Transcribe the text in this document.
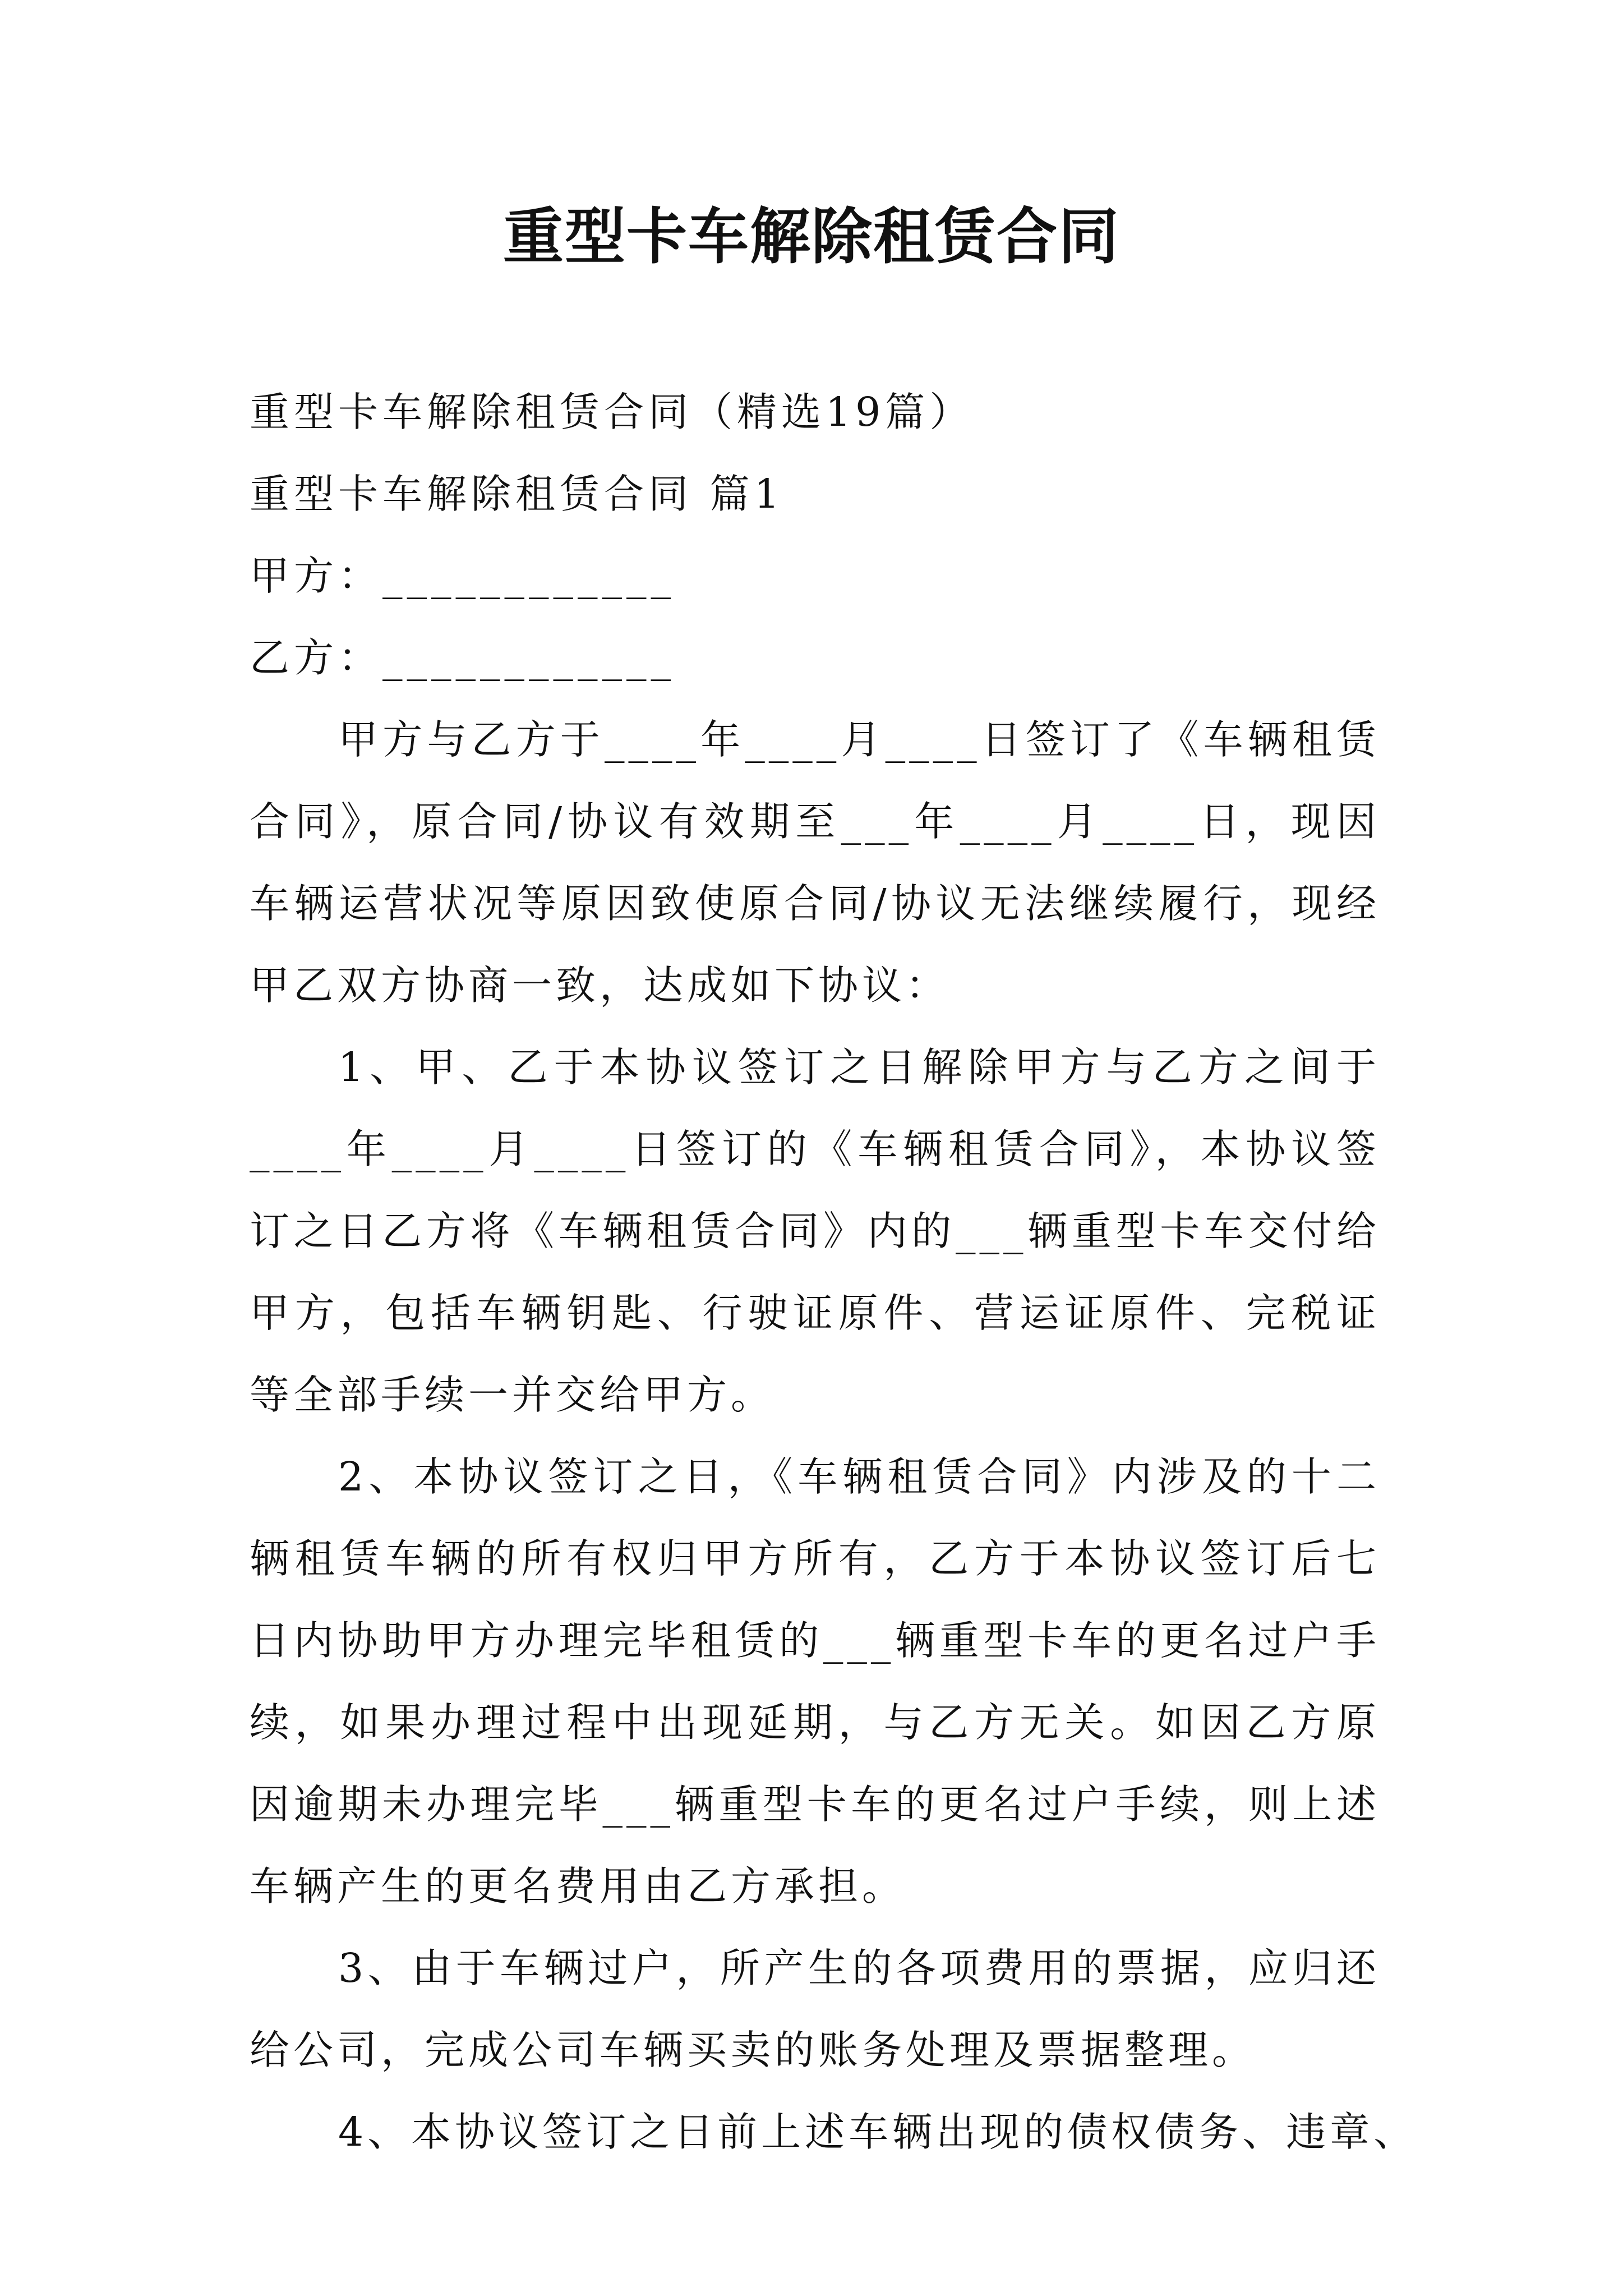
重型卡车解除租赁合同

重型卡车解除租赁合同（精选19篇）

重型卡车解除租赁合同 篇1

甲方：____________

乙方：____________

甲方与乙方于____年____月____日签订了《车辆租赁合同》，原合同/协议有效期至___年____月____日，现因车辆运营状况等原因致使原合同/协议无法继续履行，现经甲乙双方协商一致，达成如下协议：

1、甲、乙于本协议签订之日解除甲方与乙方之间于____年____月____日签订的《车辆租赁合同》，本协议签订之日乙方将《车辆租赁合同》内的___辆重型卡车交付给甲方，包括车辆钥匙、行驶证原件、营运证原件、完税证等全部手续一并交给甲方。

2、本协议签订之日，《车辆租赁合同》内涉及的十二辆租赁车辆的所有权归甲方所有，乙方于本协议签订后七日内协助甲方办理完毕租赁的___辆重型卡车的更名过户手续，如果办理过程中出现延期，与乙方无关。如因乙方原因逾期未办理完毕___辆重型卡车的更名过户手续，则上述车辆产生的更名费用由乙方承担。

3、由于车辆过户，所产生的各项费用的票据，应归还给公司，完成公司车辆买卖的账务处理及票据整理。

4、本协议签订之日前上述车辆出现的债权债务、违章、
